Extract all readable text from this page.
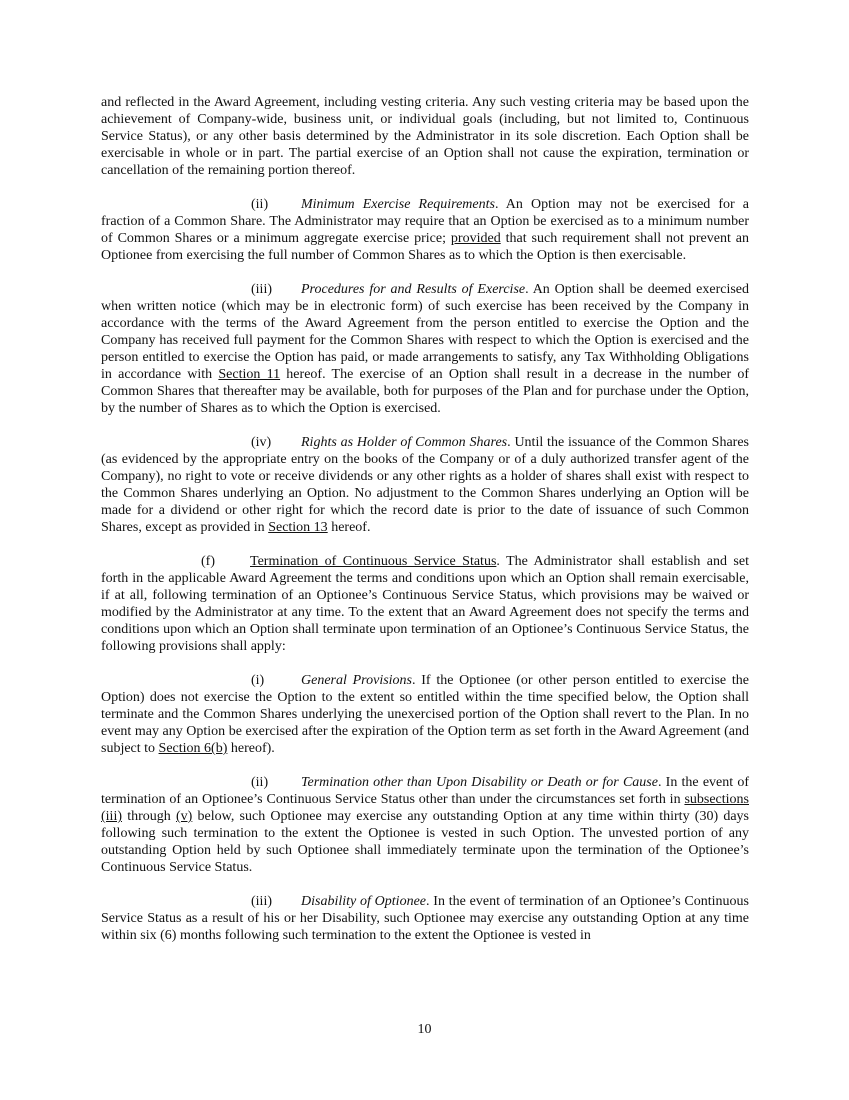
and reflected in the Award Agreement, including vesting criteria. Any such vesting criteria may be based upon the achievement of Company-wide, business unit, or individual goals (including, but not limited to, Continuous Service Status), or any other basis determined by the Administrator in its sole discretion. Each Option shall be exercisable in whole or in part. The partial exercise of an Option shall not cause the expiration, termination or cancellation of the remaining portion thereof.

(ii) Minimum Exercise Requirements. An Option may not be exercised for a fraction of a Common Share. The Administrator may require that an Option be exercised as to a minimum number of Common Shares or a minimum aggregate exercise price; provided that such requirement shall not prevent an Optionee from exercising the full number of Common Shares as to which the Option is then exercisable.

(iii) Procedures for and Results of Exercise. An Option shall be deemed exercised when written notice (which may be in electronic form) of such exercise has been received by the Company in accordance with the terms of the Award Agreement from the person entitled to exercise the Option and the Company has received full payment for the Common Shares with respect to which the Option is exercised and the person entitled to exercise the Option has paid, or made arrangements to satisfy, any Tax Withholding Obligations in accordance with Section 11 hereof. The exercise of an Option shall result in a decrease in the number of Common Shares that thereafter may be available, both for purposes of the Plan and for purchase under the Option, by the number of Shares as to which the Option is exercised.

(iv) Rights as Holder of Common Shares. Until the issuance of the Common Shares (as evidenced by the appropriate entry on the books of the Company or of a duly authorized transfer agent of the Company), no right to vote or receive dividends or any other rights as a holder of shares shall exist with respect to the Common Shares underlying an Option. No adjustment to the Common Shares underlying an Option will be made for a dividend or other right for which the record date is prior to the date of issuance of such Common Shares, except as provided in Section 13 hereof.

(f)	Termination of Continuous Service Status. The Administrator shall establish and set forth in the applicable Award Agreement the terms and conditions upon which an Option shall remain exercisable, if at all, following termination of an Optionee’s Continuous Service Status, which provisions may be waived or modified by the Administrator at any time. To the extent that an Award Agreement does not specify the terms and conditions upon which an Option shall terminate upon termination of an Optionee’s Continuous Service Status, the following provisions shall apply:

(i)	General Provisions. If the Optionee (or other person entitled to exercise the Option) does not exercise the Option to the extent so entitled within the time specified below, the Option shall terminate and the Common Shares underlying the unexercised portion of the Option shall revert to the Plan. In no event may any Option be exercised after the expiration of the Option term as set forth in the Award Agreement (and subject to Section 6(b) hereof).

(ii) Termination other than Upon Disability or Death or for Cause. In the event of termination of an Optionee’s Continuous Service Status other than under the circumstances set forth in subsections (iii) through (v) below, such Optionee may exercise any outstanding Option at any time within thirty (30) days following such termination to the extent the Optionee is vested in such Option. The unvested portion of any outstanding Option held by such Optionee shall immediately terminate upon the termination of the Optionee’s Continuous Service Status.

(iii) Disability of Optionee. In the event of termination of an Optionee’s Continuous Service Status as a result of his or her Disability, such Optionee may exercise any outstanding Option at any time within six (6) months following such termination to the extent the Optionee is vested in

10
